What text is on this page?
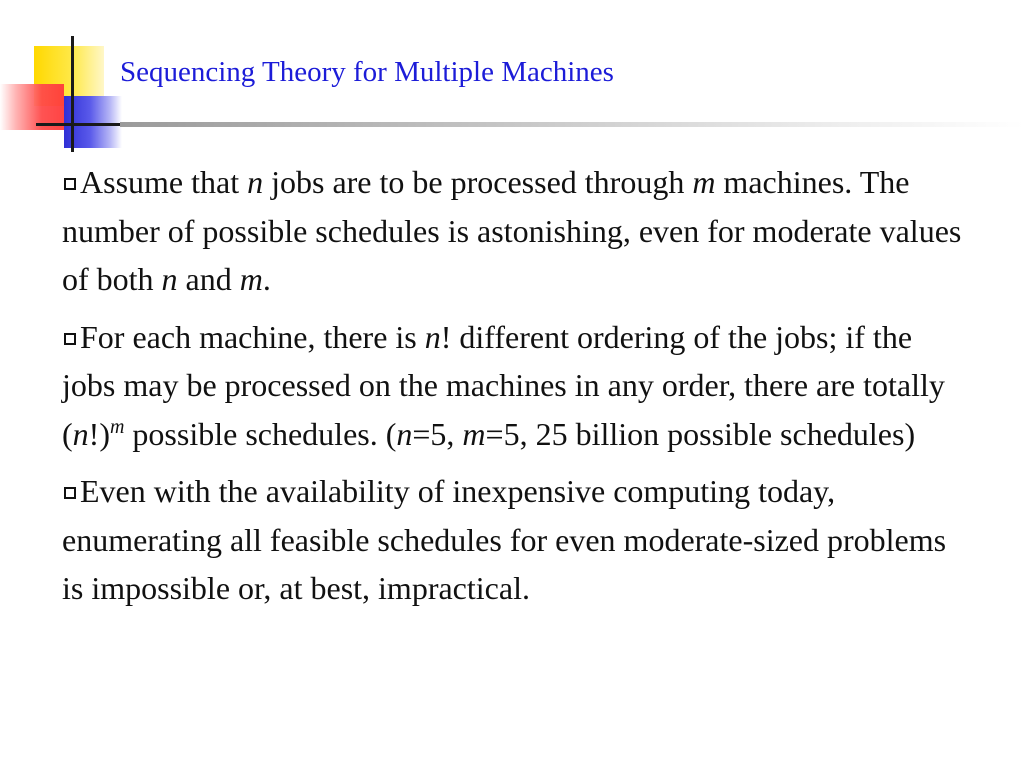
Sequencing Theory for Multiple Machines

Assume that n jobs are to be processed through m machines. The number of possible schedules is astonishing, even for moderate values of both n and m.

For each machine, there is n! different ordering of the jobs; if the jobs may be processed on the machines in any order, there are totally $(n!)^m$ possible schedules. (n=5, m=5, 25 billion possible schedules)

Even with the availability of inexpensive computing today, enumerating all feasible schedules for even moderate-sized problems is impossible or, at best, impractical.
